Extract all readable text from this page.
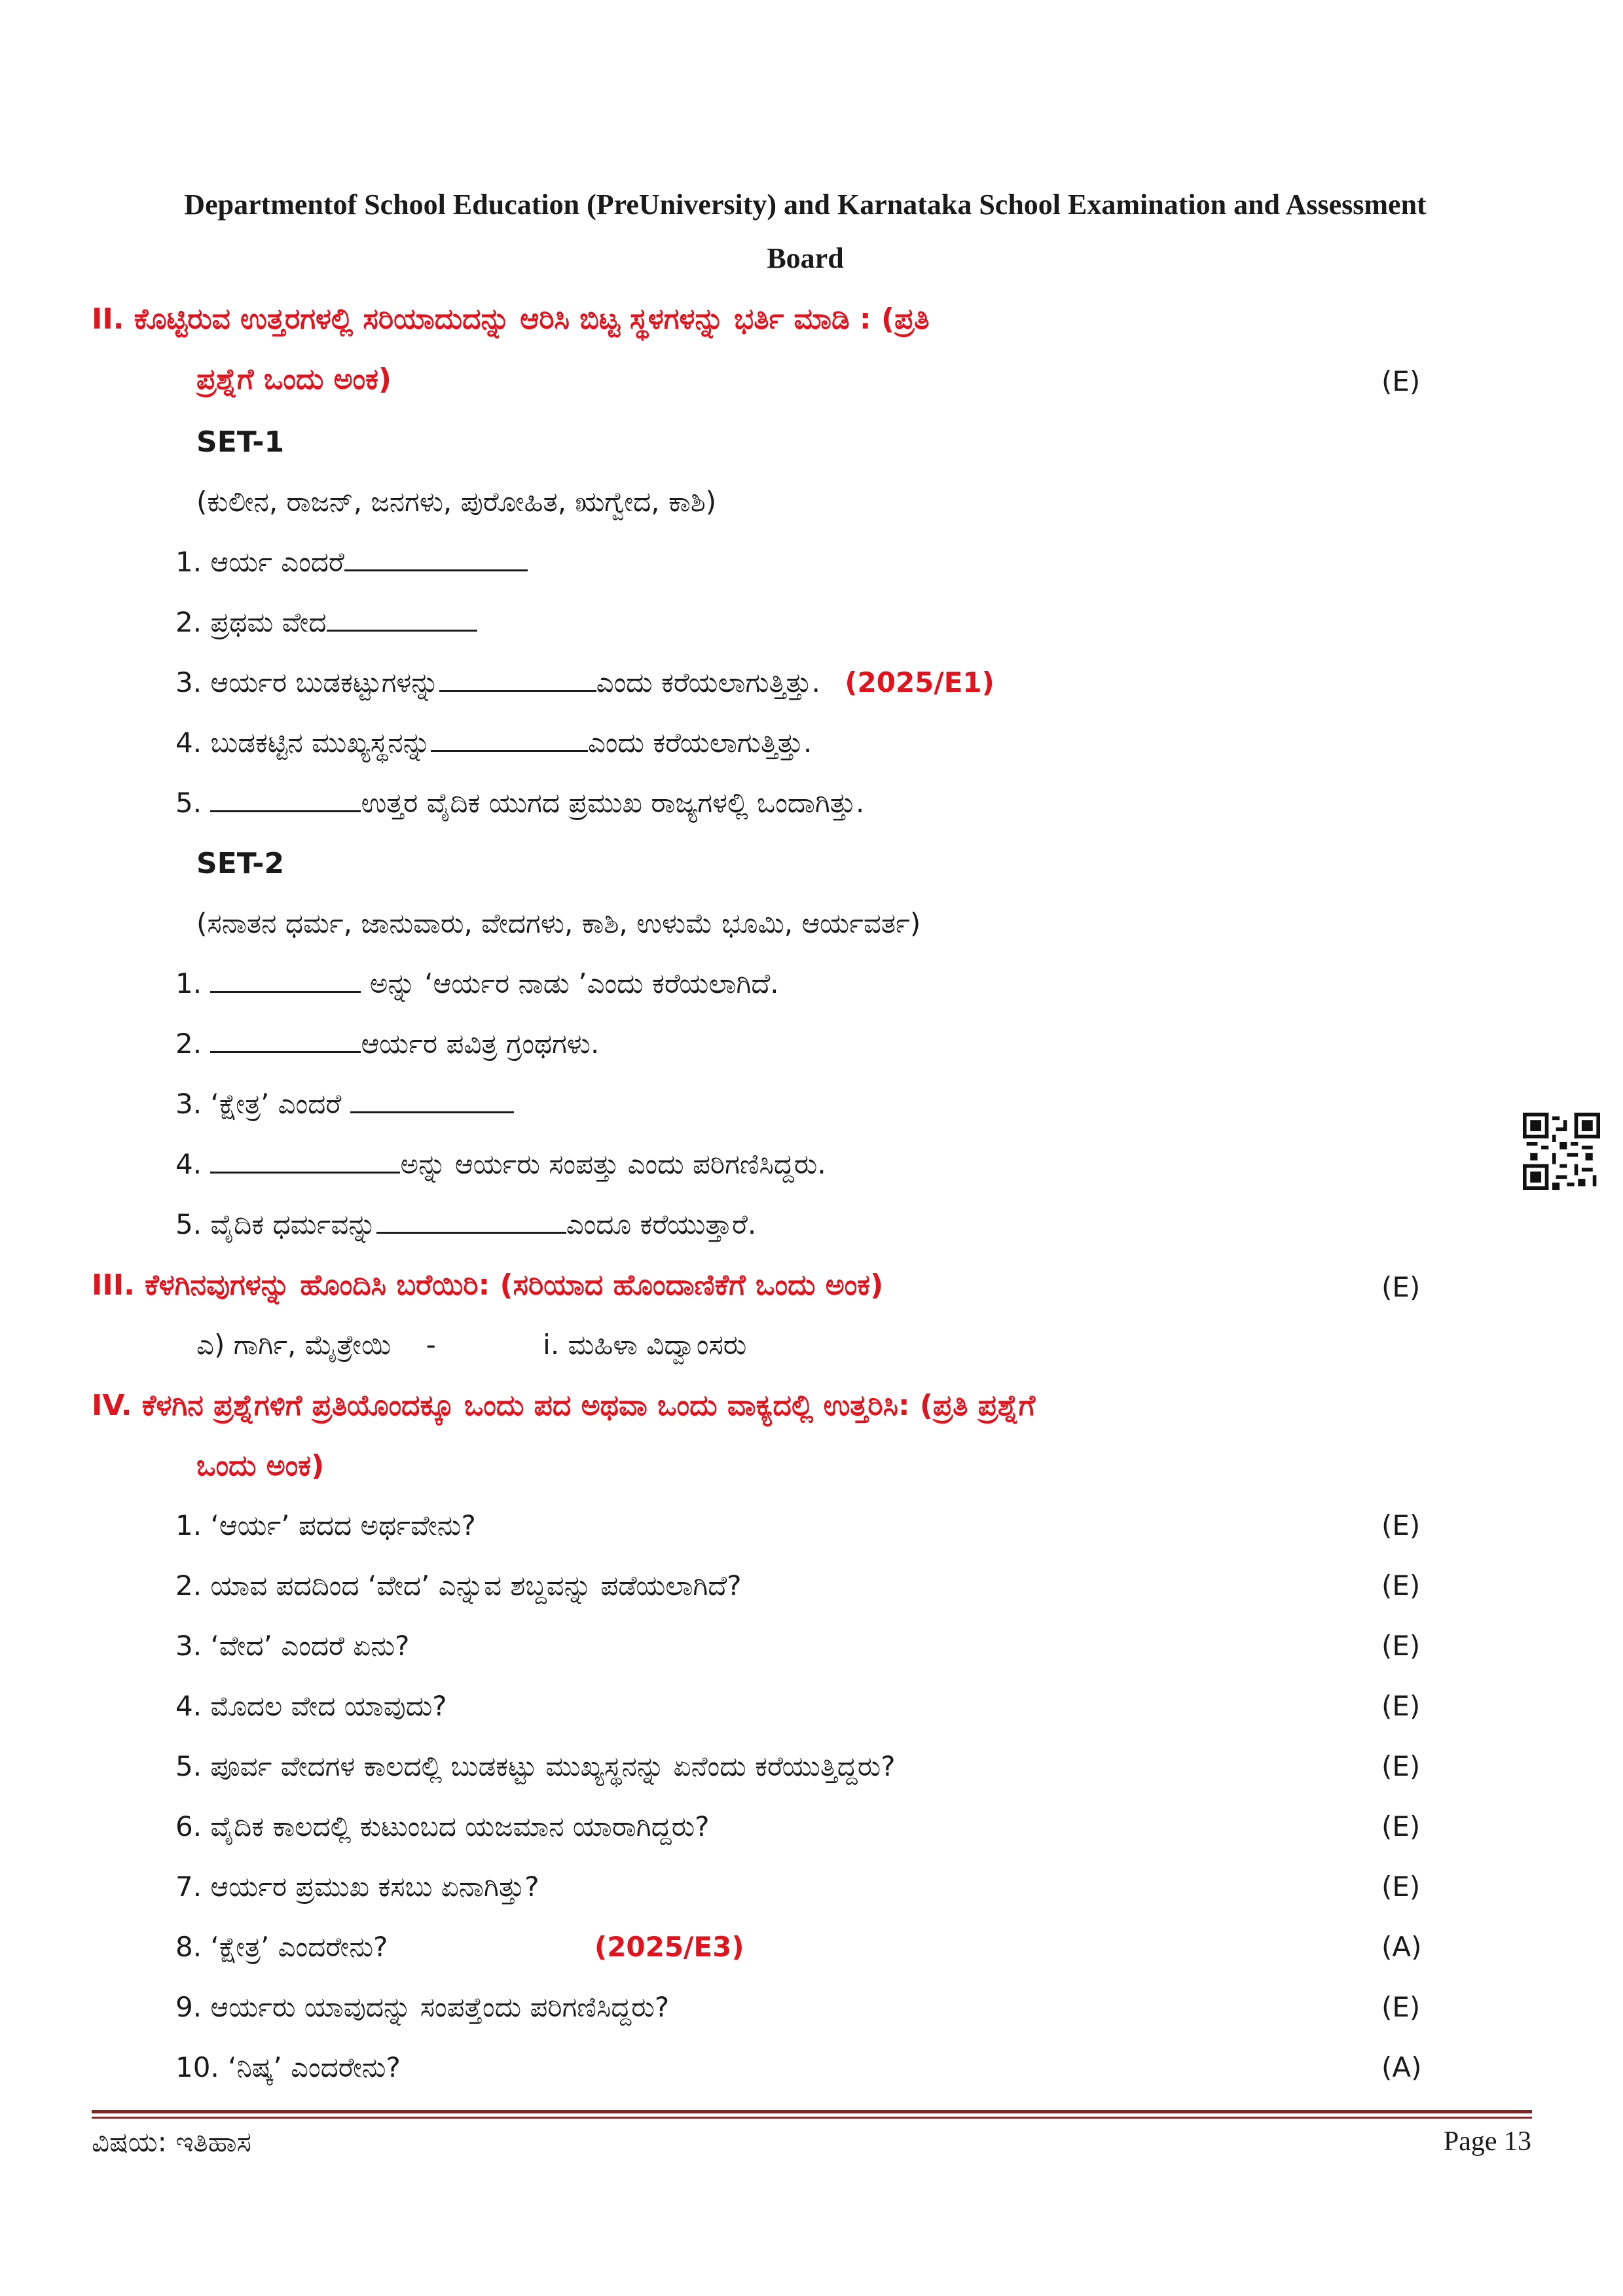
Departmentof School Education (PreUniversity) and Karnataka School Examination and Assessment
Board
II. ಕೊಟ್ಟಿರುವ ಉತ್ತರಗಳಲ್ಲಿ ಸರಿಯಾದುದನ್ನು ಆರಿಸಿ ಬಿಟ್ಟ ಸ್ಥಳಗಳನ್ನು ಭರ್ತಿ ಮಾಡಿ : (ಪ್ರತಿ
ಪ್ರಶ್ನೆಗೆ ಒಂದು ಅಂಕ)	(E)
SET-1
(ಕುಲೀನ, ರಾಜನ್, ಜನಗಳು, ಪುರೋಹಿತ, ಋಗ್ವೇದ, ಕಾಶಿ)
1. ಆರ್ಯ ಎಂದರೆ
2. ಪ್ರಥಮ ವೇದ
3. ಆರ್ಯರ ಬುಡಕಟ್ಟುಗಳನ್ನು	ಎಂದು ಕರೆಯಲಾಗುತ್ತಿತ್ತು. (2025/E1)
4. ಬುಡಕಟ್ಟಿನ ಮುಖ್ಯಸ್ಥನನ್ನು	ಎಂದು ಕರೆಯಲಾಗುತ್ತಿತ್ತು.
5.	ಉತ್ತರ ವೈದಿಕ ಯುಗದ ಪ್ರಮುಖ ರಾಜ್ಯಗಳಲ್ಲಿ ಒಂದಾಗಿತ್ತು.
SET-2
(ಸನಾತನ ಧರ್ಮ, ಜಾನುವಾರು, ವೇದಗಳು, ಕಾಶಿ, ಉಳುಮೆ ಭೂಮಿ, ಆರ್ಯವರ್ತ)
1.	ಅನ್ನು ‘ಆರ್ಯರ ನಾಡು ’ಎಂದು ಕರೆಯಲಾಗಿದೆ.
2.	ಆರ್ಯರ ಪವಿತ್ರ ಗ್ರಂಥಗಳು.
3. ‘ಕ್ಷೇತ್ರ’ ಎಂದರೆ
4.	ಅನ್ನು ಆರ್ಯರು ಸಂಪತ್ತು ಎಂದು ಪರಿಗಣಿಸಿದ್ದರು.
5. ವೈದಿಕ ಧರ್ಮವನ್ನು	ಎಂದೂ ಕರೆಯುತ್ತಾರೆ.
III. ಕೆಳಗಿನವುಗಳನ್ನು ಹೊಂದಿಸಿ ಬರೆಯಿರಿ: (ಸರಿಯಾದ ಹೊಂದಾಣಿಕೆಗೆ ಒಂದು ಅಂಕ)	(E)
ಎ) ಗಾರ್ಗಿ, ಮೈತ್ರೇಯಿ -	i. ಮಹಿಳಾ ವಿದ್ವಾಂಸರು
IV. ಕೆಳಗಿನ ಪ್ರಶ್ನೆಗಳಿಗೆ ಪ್ರತಿಯೊಂದಕ್ಕೂ ಒಂದು ಪದ ಅಥವಾ ಒಂದು ವಾಕ್ಯದಲ್ಲಿ ಉತ್ತರಿಸಿ: (ಪ್ರತಿ ಪ್ರಶ್ನೆಗೆ
ಒಂದು ಅಂಕ)
1. ‘ಆರ್ಯ’ ಪದದ ಅರ್ಥವೇನು?	(E)
2. ಯಾವ ಪದದಿಂದ ‘ವೇದ’ ಎನ್ನುವ ಶಬ್ದವನ್ನು ಪಡೆಯಲಾಗಿದೆ?	(E)
3. ‘ವೇದ’ ಎಂದರೆ ಏನು?	(E)
4. ಮೊದಲ ವೇದ ಯಾವುದು?	(E)
5. ಪೂರ್ವ ವೇದಗಳ ಕಾಲದಲ್ಲಿ ಬುಡಕಟ್ಟು ಮುಖ್ಯಸ್ಥನನ್ನು ಏನೆಂದು ಕರೆಯುತ್ತಿದ್ದರು?	(E)
6. ವೈದಿಕ ಕಾಲದಲ್ಲಿ ಕುಟುಂಬದ ಯಜಮಾನ ಯಾರಾಗಿದ್ದರು?	(E)
7. ಆರ್ಯರ ಪ್ರಮುಖ ಕಸಬು ಏನಾಗಿತ್ತು?	(E)
8. ‘ಕ್ಷೇತ್ರ’ ಎಂದರೇನು?	(2025/E3)	(A)
9. ಆರ್ಯರು ಯಾವುದನ್ನು ಸಂಪತ್ತೆಂದು ಪರಿಗಣಿಸಿದ್ದರು?	(E)
10. ‘ನಿಷ್ಕ’ ಎಂದರೇನು?	(A)
ವಿಷಯ: ಇತಿಹಾಸ	Page 13
